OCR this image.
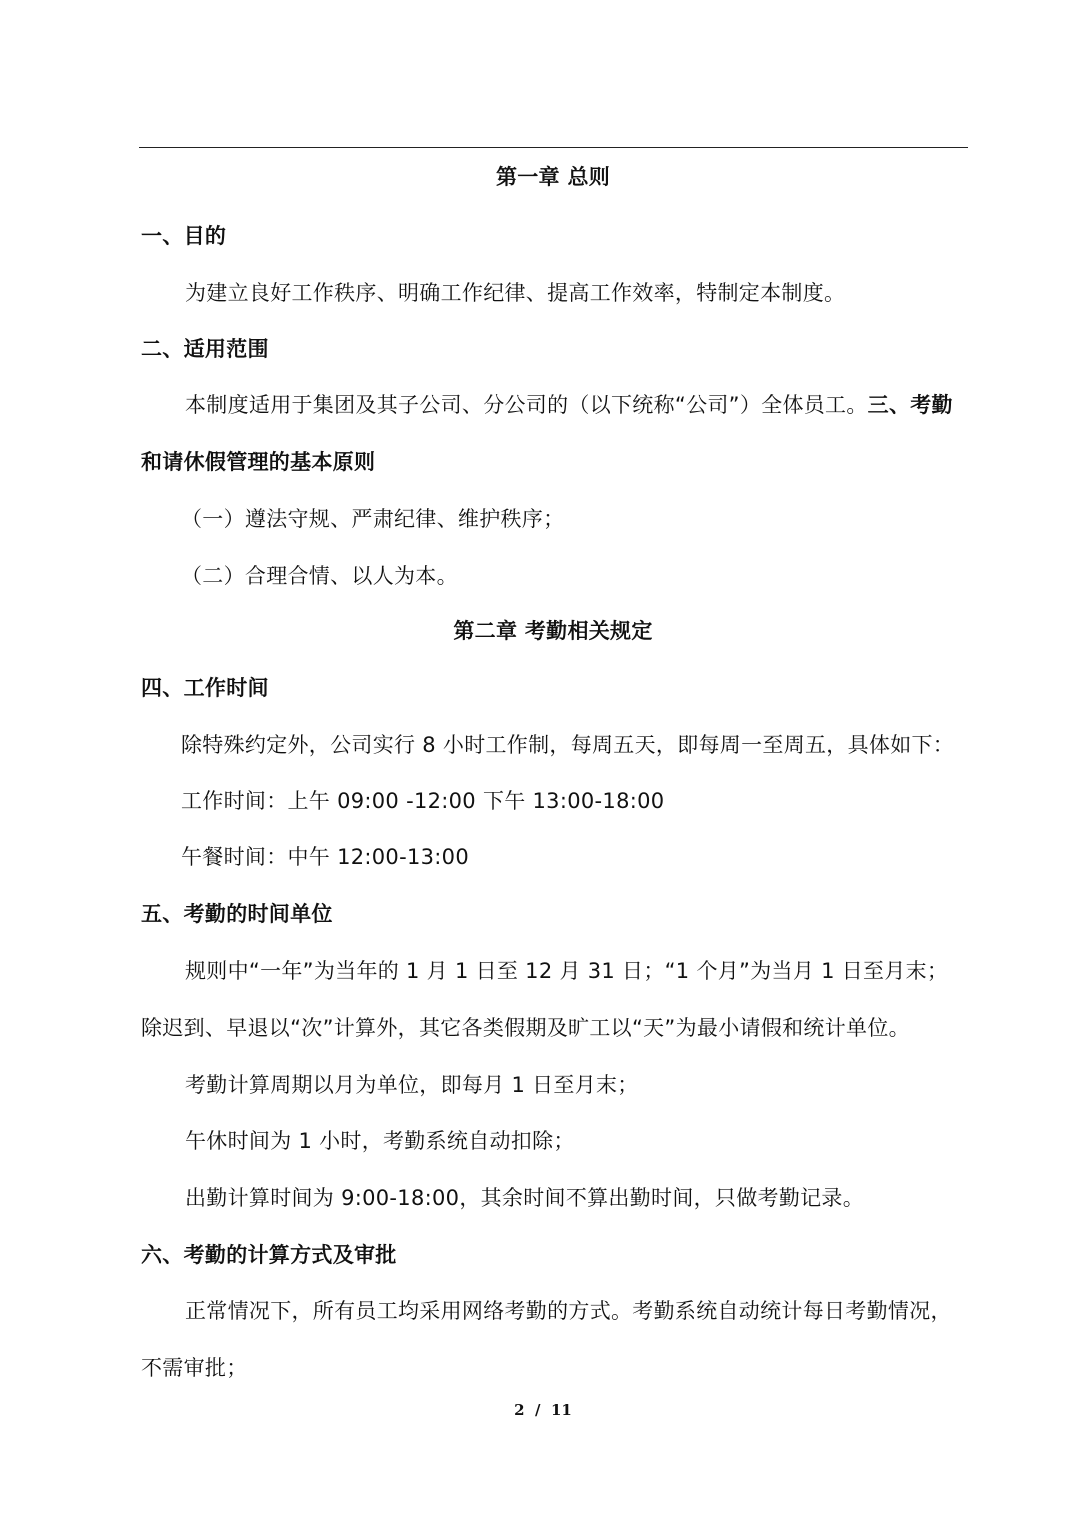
第一章 总则
一、目的
为建立良好工作秩序、明确工作纪律、提高工作效率，特制定本制度。
二、适用范围
本制度适用于集团及其子公司、分公司的（以下统称“公司”）全体员工。三、考勤
和请休假管理的基本原则
（一）遵法守规、严肃纪律、维护秩序；
（二）合理合情、以人为本。
第二章 考勤相关规定
四、工作时间
除特殊约定外，公司实行 8 小时工作制，每周五天，即每周一至周五，具体如下：
工作时间：上午 09:00 -12:00 下午 13:00-18:00
午餐时间：中午 12:00-13:00
五、考勤的时间单位
规则中“一年”为当年的 1 月 1 日至 12 月 31 日；“1 个月”为当月 1 日至月末；
除迟到、早退以“次”计算外，其它各类假期及旷工以“天”为最小请假和统计单位。
考勤计算周期以月为单位，即每月 1 日至月末；
午休时间为 1 小时，考勤系统自动扣除；
出勤计算时间为 9:00-18:00，其余时间不算出勤时间，只做考勤记录。
六、考勤的计算方式及审批
正常情况下，所有员工均采用网络考勤的方式。考勤系统自动统计每日考勤情况，
不需审批；
2  /  11
